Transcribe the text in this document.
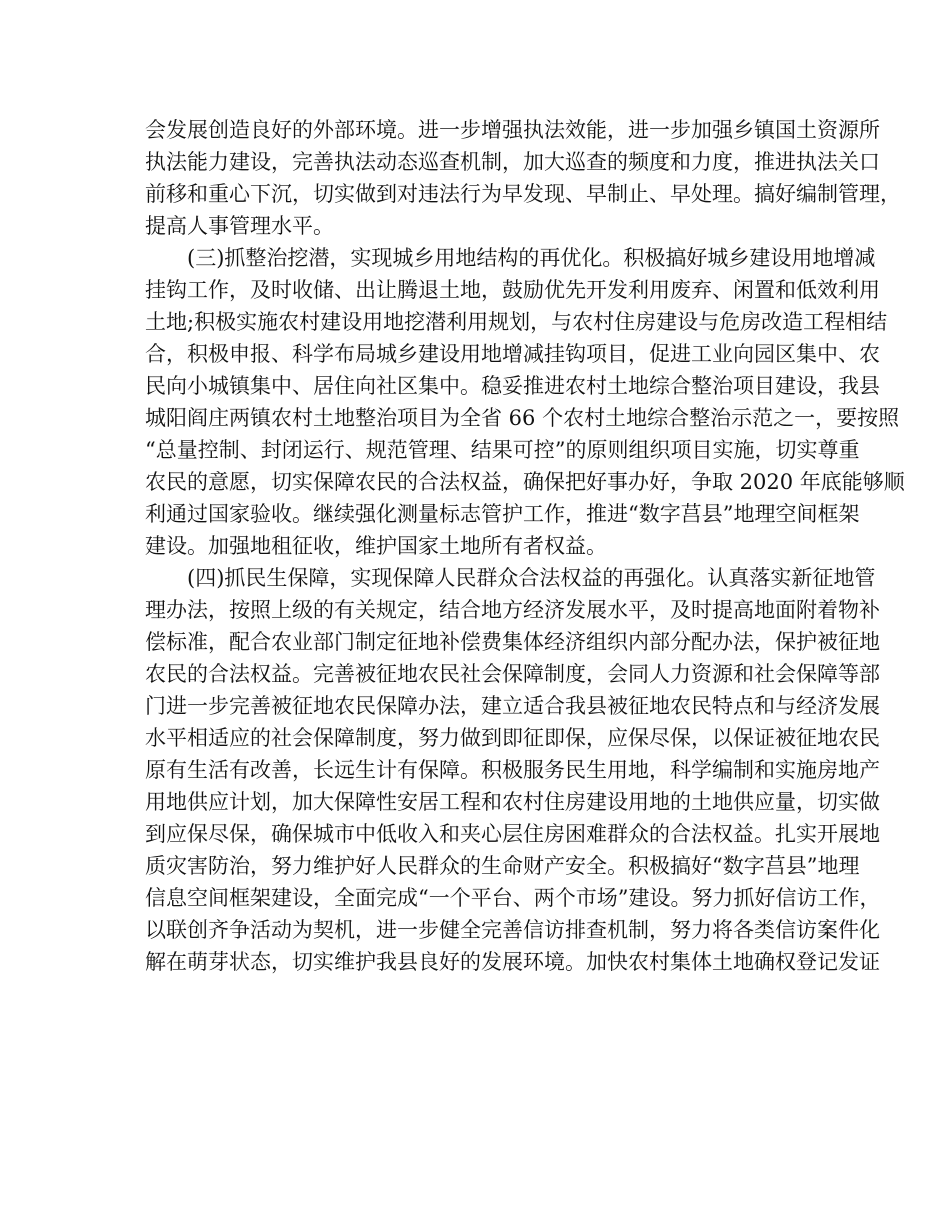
会发展创造良好的外部环境。进一步增强执法效能，进一步加强乡镇国土资源所
执法能力建设，完善执法动态巡查机制，加大巡查的频度和力度，推进执法关口
前移和重心下沉，切实做到对违法行为早发现、早制止、早处理。搞好编制管理，
提高人事管理水平。
(三)抓整治挖潜，实现城乡用地结构的再优化。积极搞好城乡建设用地增减
挂钩工作，及时收储、出让腾退土地，鼓励优先开发利用废弃、闲置和低效利用
土地;积极实施农村建设用地挖潜利用规划，与农村住房建设与危房改造工程相结
合，积极申报、科学布局城乡建设用地增减挂钩项目，促进工业向园区集中、农
民向小城镇集中、居住向社区集中。稳妥推进农村土地综合整治项目建设，我县
城阳阎庄两镇农村土地整治项目为全省 66 个农村土地综合整治示范之一，要按照
“总量控制、封闭运行、规范管理、结果可控”的原则组织项目实施，切实尊重
农民的意愿，切实保障农民的合法权益，确保把好事办好，争取 2020 年底能够顺
利通过国家验收。继续强化测量标志管护工作，推进“数字莒县”地理空间框架
建设。加强地租征收，维护国家土地所有者权益。
(四)抓民生保障，实现保障人民群众合法权益的再强化。认真落实新征地管
理办法，按照上级的有关规定，结合地方经济发展水平，及时提高地面附着物补
偿标准，配合农业部门制定征地补偿费集体经济组织内部分配办法，保护被征地
农民的合法权益。完善被征地农民社会保障制度，会同人力资源和社会保障等部
门进一步完善被征地农民保障办法，建立适合我县被征地农民特点和与经济发展
水平相适应的社会保障制度，努力做到即征即保，应保尽保，以保证被征地农民
原有生活有改善，长远生计有保障。积极服务民生用地，科学编制和实施房地产
用地供应计划，加大保障性安居工程和农村住房建设用地的土地供应量，切实做
到应保尽保，确保城市中低收入和夹心层住房困难群众的合法权益。扎实开展地
质灾害防治，努力维护好人民群众的生命财产安全。积极搞好“数字莒县”地理
信息空间框架建设，全面完成“一个平台、两个市场”建设。努力抓好信访工作，
以联创齐争活动为契机，进一步健全完善信访排查机制，努力将各类信访案件化
解在萌芽状态，切实维护我县良好的发展环境。加快农村集体土地确权登记发证
